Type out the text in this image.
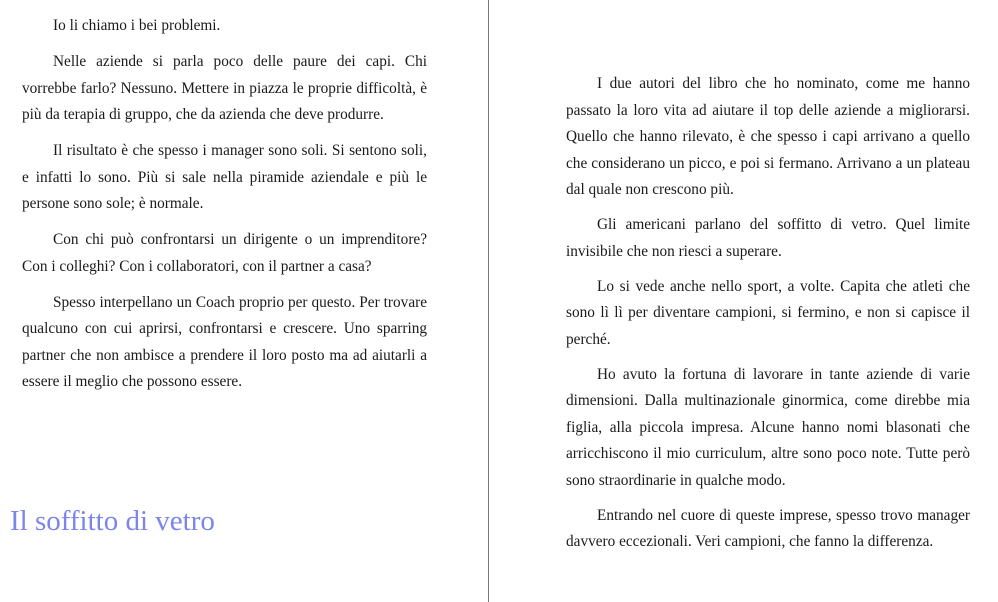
Io li chiamo i bei problemi.

Nelle aziende si parla poco delle paure dei capi. Chi vorrebbe farlo? Nessuno. Mettere in piazza le proprie difficoltà, è più da terapia di gruppo, che da azienda che deve produrre.

Il risultato è che spesso i manager sono soli. Si sentono soli, e infatti lo sono. Più si sale nella piramide aziendale e più le persone sono sole; è normale.

Con chi può confrontarsi un dirigente o un imprenditore? Con i colleghi? Con i collaboratori, con il partner a casa?

Spesso interpellano un Coach proprio per questo. Per trovare qualcuno con cui aprirsi, confrontarsi e crescere. Uno sparring partner che non ambisce a prendere il loro posto ma ad aiutarli a essere il meglio che possono essere.

Il soffitto di vetro

I due autori del libro che ho nominato, come me hanno passato la loro vita ad aiutare il top delle aziende a migliorarsi. Quello che hanno rilevato, è che spesso i capi arrivano a quello che considerano un picco, e poi si fermano. Arrivano a un plateau dal quale non crescono più.

Gli americani parlano del soffitto di vetro. Quel limite invisibile che non riesci a superare.

Lo si vede anche nello sport, a volte. Capita che atleti che sono lì lì per diventare campioni, si fermino, e non si capisce il perché.

Ho avuto la fortuna di lavorare in tante aziende di varie dimensioni. Dalla multinazionale ginormica, come direbbe mia figlia, alla piccola impresa. Alcune hanno nomi blasonati che arricchiscono il mio curriculum, altre sono poco note. Tutte però sono straordinarie in qualche modo.

Entrando nel cuore di queste imprese, spesso trovo manager davvero eccezionali. Veri campioni, che fanno la differenza.
